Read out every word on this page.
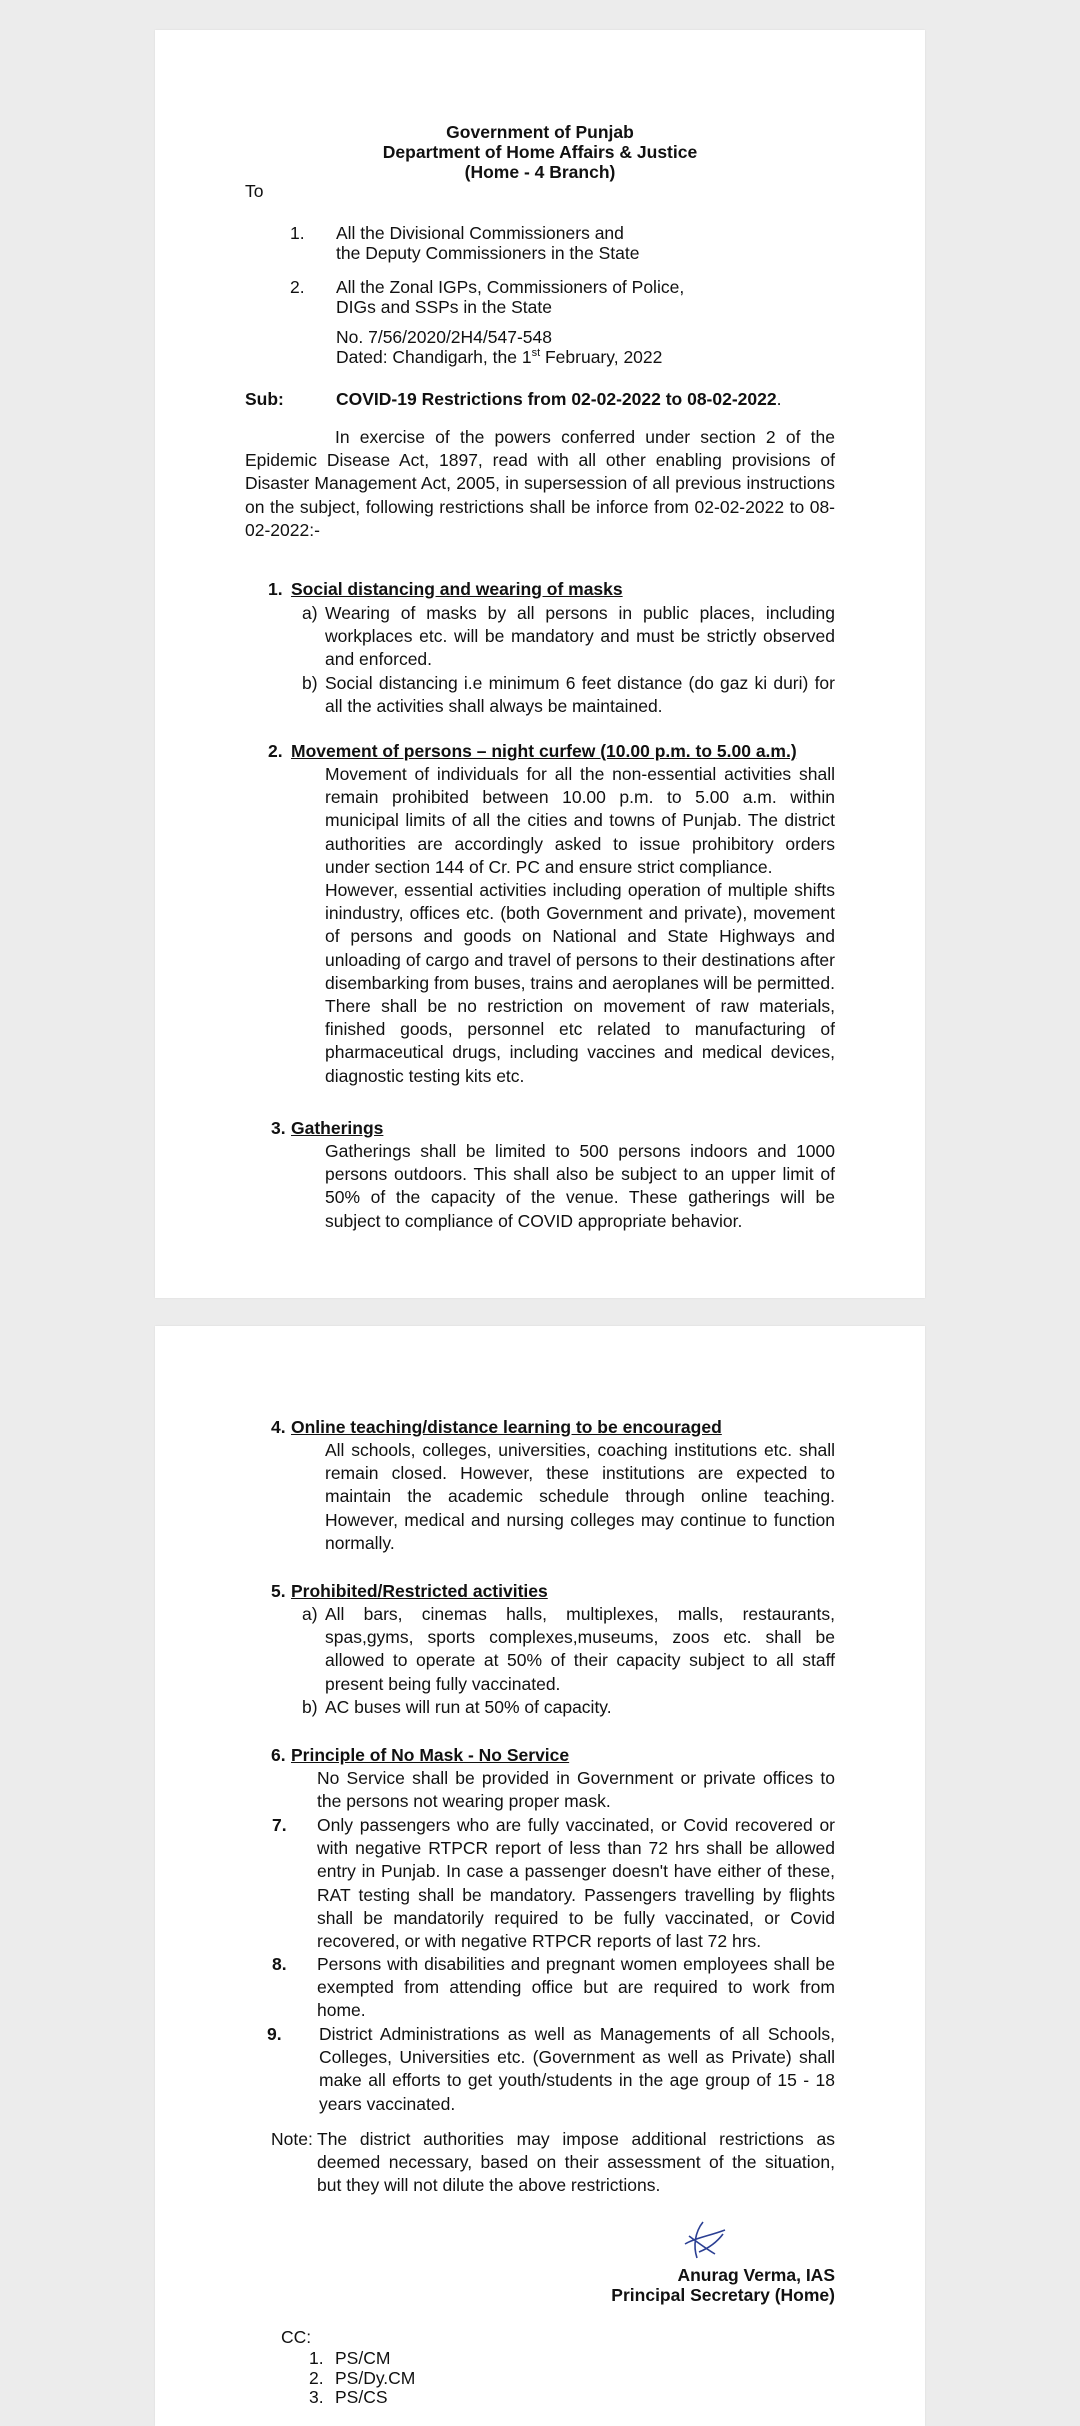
Government of Punjab
Department of Home Affairs & Justice
(Home - 4 Branch)
To
1. All the Divisional Commissioners and
the Deputy Commissioners in the State
2. All the Zonal IGPs, Commissioners of Police,
DIGs and SSPs in the State
No. 7/56/2020/2H4/547-548
Dated: Chandigarh, the 1st February, 2022
Sub:	COVID-19 Restrictions from 02-02-2022 to 08-02-2022.
In exercise of the powers conferred under section 2 of the Epidemic Disease Act, 1897, read with all other enabling provisions of Disaster Management Act, 2005, in supersession of all previous instructions on the subject, following restrictions shall be inforce from 02-02-2022 to 08-02-2022:-
1. Social distancing and wearing of masks
a) Wearing of masks by all persons in public places, including workplaces etc. will be mandatory and must be strictly observed and enforced.
b) Social distancing i.e minimum 6 feet distance (do gaz ki duri) for all the activities shall always be maintained.
2. Movement of persons – night curfew (10.00 p.m. to 5.00 a.m.)
Movement of individuals for all the non-essential activities shall remain prohibited between 10.00 p.m. to 5.00 a.m. within municipal limits of all the cities and towns of Punjab. The district authorities are accordingly asked to issue prohibitory orders under section 144 of Cr. PC and ensure strict compliance.
However, essential activities including operation of multiple shifts inindustry, offices etc. (both Government and private), movement of persons and goods on National and State Highways and unloading of cargo and travel of persons to their destinations after disembarking from buses, trains and aeroplanes will be permitted. There shall be no restriction on movement of raw materials, finished goods, personnel etc related to manufacturing of pharmaceutical drugs, including vaccines and medical devices, diagnostic testing kits etc.
3. Gatherings
Gatherings shall be limited to 500 persons indoors and 1000 persons outdoors. This shall also be subject to an upper limit of 50% of the capacity of the venue. These gatherings will be subject to compliance of COVID appropriate behavior.
4. Online teaching/distance learning to be encouraged
All schools, colleges, universities, coaching institutions etc. shall remain closed. However, these institutions are expected to maintain the academic schedule through online teaching. However, medical and nursing colleges may continue to function normally.
5. Prohibited/Restricted activities
a) All bars, cinemas halls, multiplexes, malls, restaurants, spas,gyms, sports complexes,museums, zoos etc. shall be allowed to operate at 50% of their capacity subject to all staff present being fully vaccinated.
b) AC buses will run at 50% of capacity.
6. Principle of No Mask - No Service
No Service shall be provided in Government or private offices to the persons not wearing proper mask.
7. Only passengers who are fully vaccinated, or Covid recovered or with negative RTPCR report of less than 72 hrs shall be allowed entry in Punjab. In case a passenger doesn't have either of these, RAT testing shall be mandatory. Passengers travelling by flights shall be mandatorily required to be fully vaccinated, or Covid recovered, or with negative RTPCR reports of last 72 hrs.
8. Persons with disabilities and pregnant women employees shall be exempted from attending office but are required to work from home.
9. District Administrations as well as Managements of all Schools, Colleges, Universities etc. (Government as well as Private) shall make all efforts to get youth/students in the age group of 15 - 18 years vaccinated.
Note: The district authorities may impose additional restrictions as deemed necessary, based on their assessment of the situation, but they will not dilute the above restrictions.
Anurag Verma, IAS
Principal Secretary (Home)
CC:
1. PS/CM
2. PS/Dy.CM
3. PS/CS
